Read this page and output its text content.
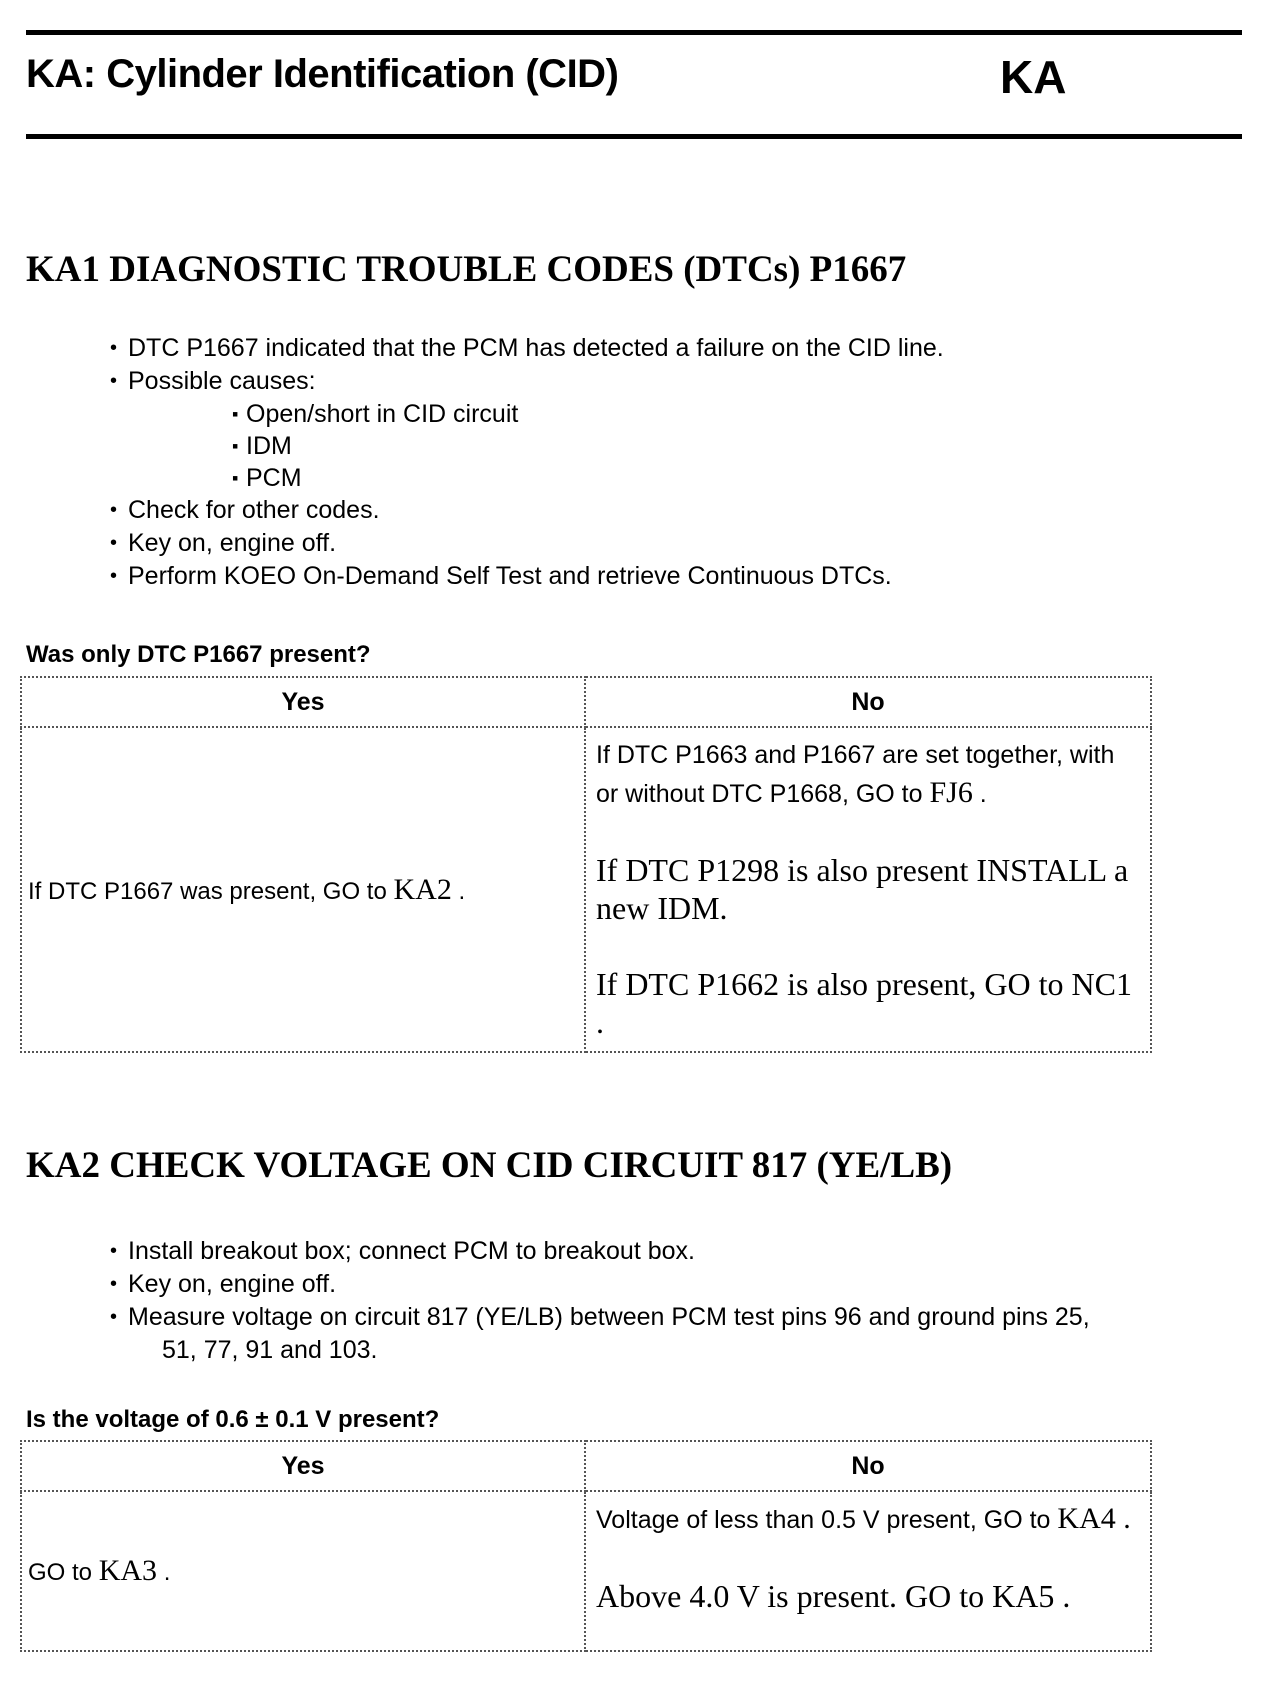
KA: Cylinder Identification (CID)	KA
KA1 DIAGNOSTIC TROUBLE CODES (DTCs) P1667
• DTC P1667 indicated that the PCM has detected a failure on the CID line.
• Possible causes:
▪ Open/short in CID circuit
▪ IDM
▪ PCM
• Check for other codes.
• Key on, engine off.
• Perform KOEO On-Demand Self Test and retrieve Continuous DTCs.
Was only DTC P1667 present?
Yes	No
If DTC P1667 was present, GO to KA2 .	If DTC P1663 and P1667 are set together, with or without DTC P1668, GO to FJ6 .

If DTC P1298 is also present INSTALL a new IDM.

If DTC P1662 is also present, GO to NC1 .

KA2 CHECK VOLTAGE ON CID CIRCUIT 817 (YE/LB)
• Install breakout box; connect PCM to breakout box.
• Key on, engine off.
• Measure voltage on circuit 817 (YE/LB) between PCM test pins 96 and ground pins 25,
51, 77, 91 and 103.
Is the voltage of 0.6 ± 0.1 V present?
Yes	No
GO to KA3 .	Voltage of less than 0.5 V present, GO to KA4 .

Above 4.0 V is present. GO to KA5 .
